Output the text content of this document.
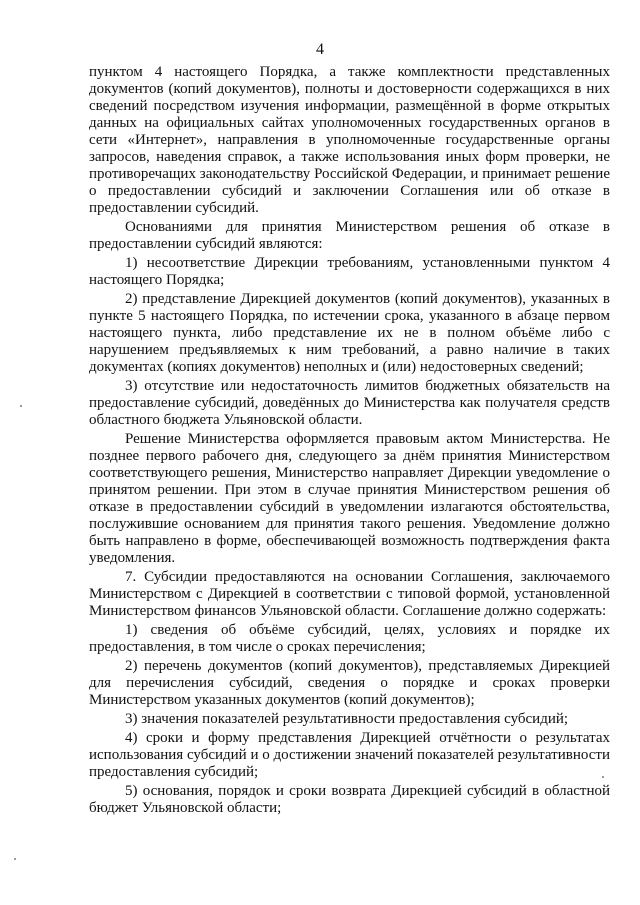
4

пунктом 4 настоящего Порядка, а также комплектности представленных документов (копий документов), полноты и достоверности содержащихся в них сведений посредством изучения информации, размещённой в форме открытых данных на официальных сайтах уполномоченных государственных органов в сети «Интернет», направления в уполномоченные государственные органы запросов, наведения справок, а также использования иных форм проверки, не противоречащих законодательству Российской Федерации, и принимает решение о предоставлении субсидий и заключении Соглашения или об отказе в предоставлении субсидий.

Основаниями для принятия Министерством решения об отказе в предоставлении субсидий являются:

1) несоответствие Дирекции требованиям, установленными пунктом 4 настоящего Порядка;

2) представление Дирекцией документов (копий документов), указанных в пункте 5 настоящего Порядка, по истечении срока, указанного в абзаце первом настоящего пункта, либо представление их не в полном объёме либо с нарушением предъявляемых к ним требований, а равно наличие в таких документах (копиях документов) неполных и (или) недостоверных сведений;

3) отсутствие или недостаточность лимитов бюджетных обязательств на предоставление субсидий, доведённых до Министерства как получателя средств областного бюджета Ульяновской области.

Решение Министерства оформляется правовым актом Министерства. Не позднее первого рабочего дня, следующего за днём принятия Министерством соответствующего решения, Министерство направляет Дирекции уведомление о принятом решении. При этом в случае принятия Министерством решения об отказе в предоставлении субсидий в уведомлении излагаются обстоятельства, послужившие основанием для принятия такого решения. Уведомление должно быть направлено в форме, обеспечивающей возможность подтверждения факта уведомления.

7. Субсидии предоставляются на основании Соглашения, заключаемого Министерством с Дирекцией в соответствии с типовой формой, установленной Министерством финансов Ульяновской области. Соглашение должно содержать:

1) сведения об объёме субсидий, целях, условиях и порядке их предоставления, в том числе о сроках перечисления;

2) перечень документов (копий документов), представляемых Дирекцией для перечисления субсидий, сведения о порядке и сроках проверки Министерством указанных документов (копий документов);

3) значения показателей результативности предоставления субсидий;

4) сроки и форму представления Дирекцией отчётности о результатах использования субсидий и о достижении значений показателей результативности предоставления субсидий;

5) основания, порядок и сроки возврата Дирекцией субсидий в областной бюджет Ульяновской области;
